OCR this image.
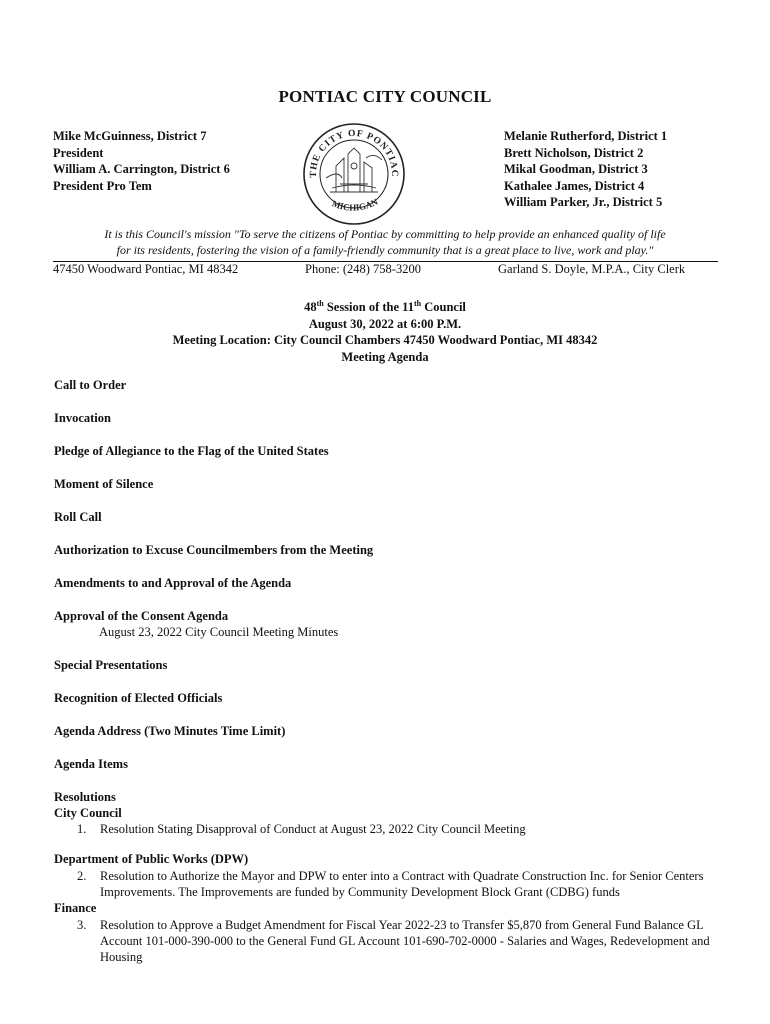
PONTIAC CITY COUNCIL
Mike McGuinness, District 7
President
William A. Carrington, District 6
President Pro Tem
THE CITY OF PONTIAC
MICHIGAN
Melanie Rutherford, District 1
Brett Nicholson, District 2
Mikal Goodman, District 3
Kathalee James, District 4
William Parker, Jr., District 5
It is this Council's mission "To serve the citizens of Pontiac by committing to help provide an enhanced quality of life
for its residents, fostering the vision of a family-friendly community that is a great place to live, work and play."
47450 Woodward Pontiac, MI 48342	Phone: (248) 758-3200	Garland S. Doyle, M.P.A., City Clerk
48th Session of the 11th Council
August 30, 2022 at 6:00 P.M.
Meeting Location: City Council Chambers 47450 Woodward Pontiac, MI 48342
Meeting Agenda
Call to Order
Invocation
Pledge of Allegiance to the Flag of the United States
Moment of Silence
Roll Call
Authorization to Excuse Councilmembers from the Meeting
Amendments to and Approval of the Agenda
Approval of the Consent Agenda
August 23, 2022 City Council Meeting Minutes
Special Presentations
Recognition of Elected Officials
Agenda Address (Two Minutes Time Limit)
Agenda Items
Resolutions
City Council
1. Resolution Stating Disapproval of Conduct at August 23, 2022 City Council Meeting
Department of Public Works (DPW)
2. Resolution to Authorize the Mayor and DPW to enter into a Contract with Quadrate Construction Inc. for Senior Centers Improvements. The Improvements are funded by Community Development Block Grant (CDBG) funds
Finance
3. Resolution to Approve a Budget Amendment for Fiscal Year 2022-23 to Transfer $5,870 from General Fund Balance GL Account 101-000-390-000 to the General Fund GL Account 101-690-702-0000 - Salaries and Wages, Redevelopment and Housing
